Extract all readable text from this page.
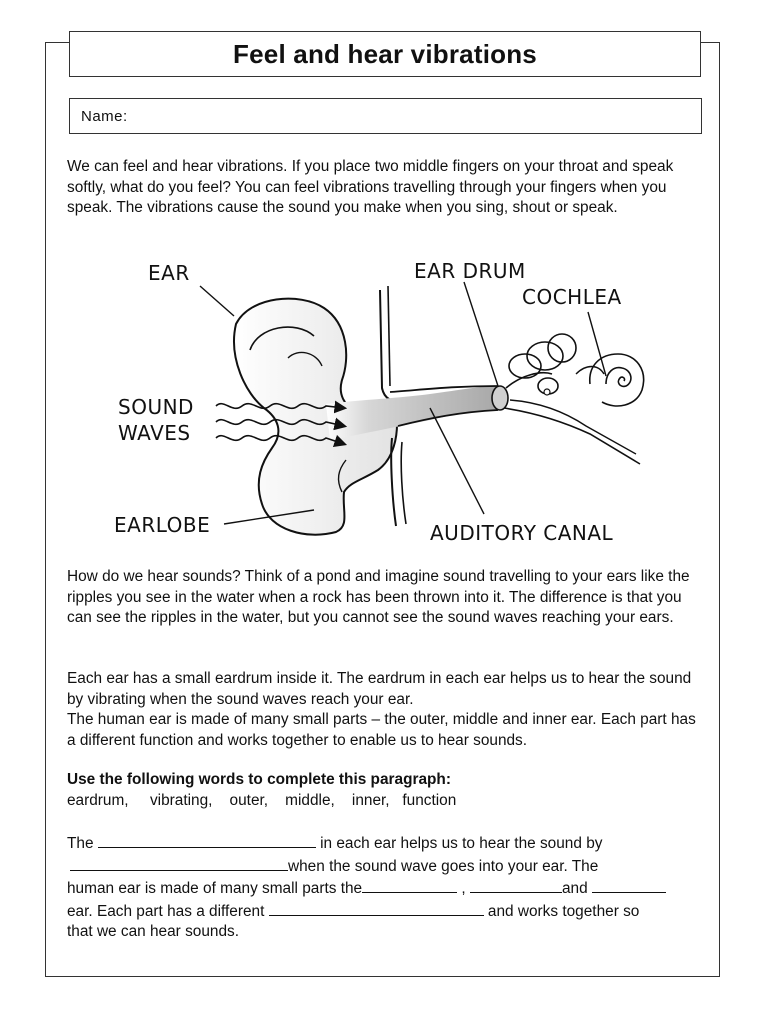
Feel and hear vibrations
Name:

We can feel and hear vibrations. If you place two middle fingers on your throat and speak softly, what do you feel? You can feel vibrations travelling through your fingers when you speak. The vibrations cause the sound you make when you sing, shout or speak.

EAR	EAR DRUM
COCHLEA
SOUND
WAVES
EARLOBE	AUDITORY CANAL

How do we hear sounds? Think of a pond and imagine sound travelling to your ears like the ripples you see in the water when a rock has been thrown into it. The difference is that you can see the ripples in the water, but you cannot see the sound waves reaching your ears.

Each ear has a small eardrum inside it. The eardrum in each ear helps us to hear the sound by vibrating when the sound waves reach your ear.

The human ear is made of many small parts – the outer, middle and inner ear. Each part has a different function and works together to enable us to hear sounds.

Use the following words to complete this paragraph:

eardrum, vibrating, outer, middle, inner, function
The	in each ear helps us to hear the sound by
when the sound wave goes into your ear. The
human ear is made of many small parts the	,	and
ear. Each part has a different	and works together so
that we can hear sounds.
